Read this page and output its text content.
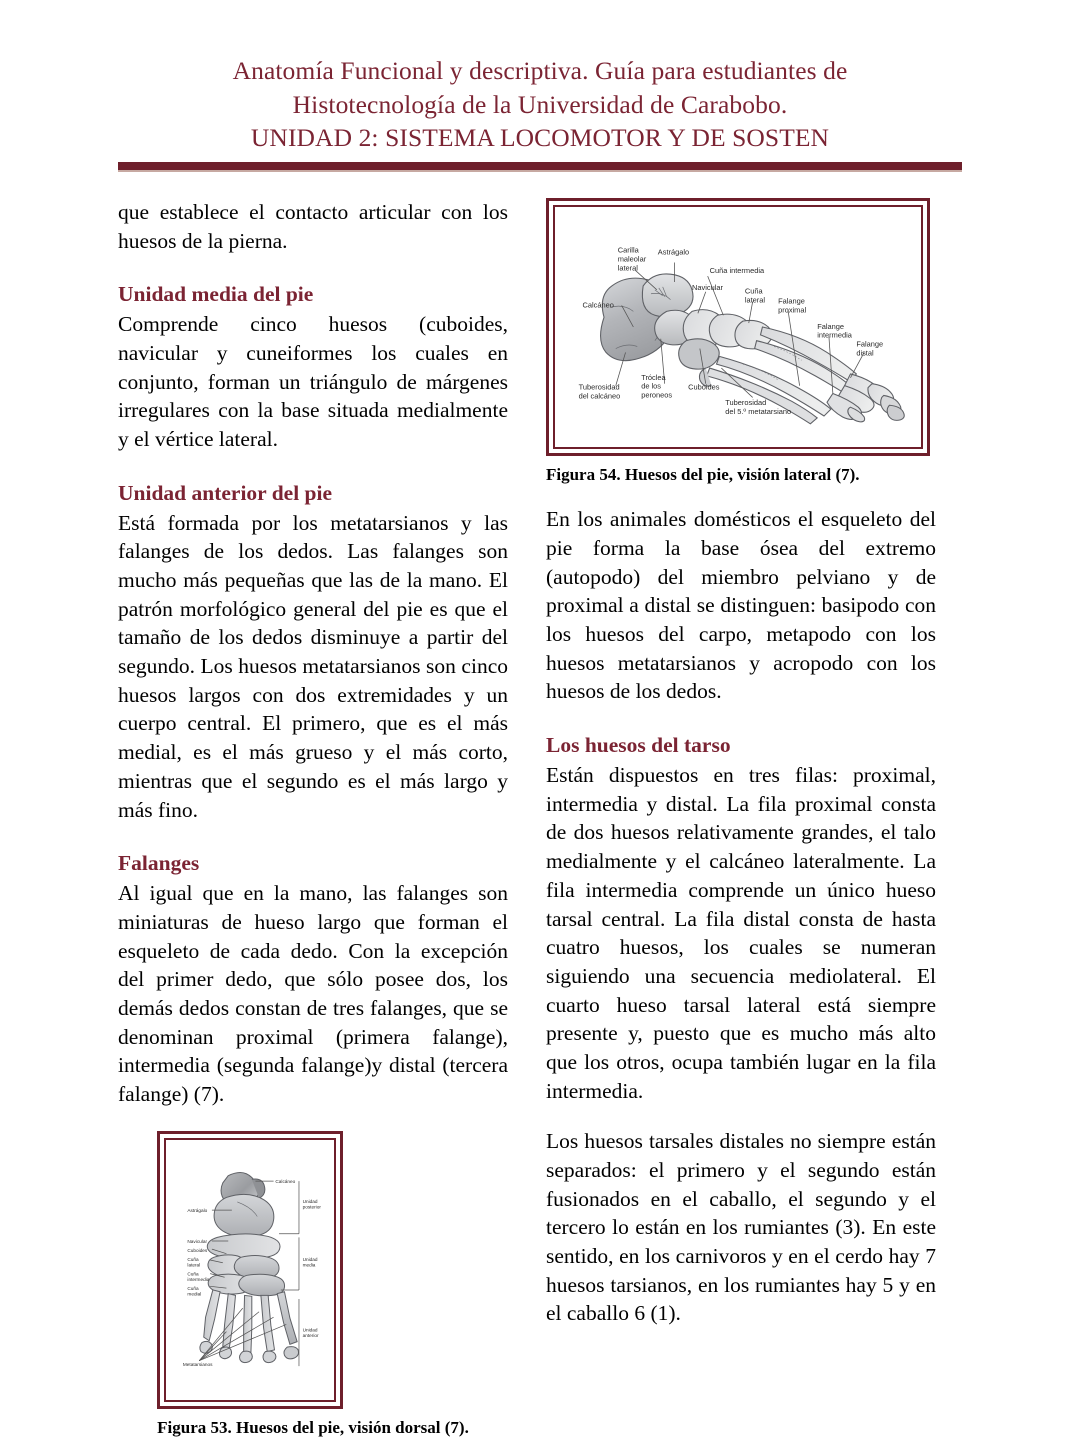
Anatomía Funcional y descriptiva. Guía para estudiantes de
Histotecnología de la Universidad de Carabobo.
UNIDAD 2: SISTEMA LOCOMOTOR Y DE SOSTEN

que establece el contacto articular con los huesos de la pierna.

Unidad media del pie

Comprende cinco huesos (cuboides, navicular y cuneiformes los cuales en conjunto, forman un triángulo de márgenes irregulares con la base situada medialmente y el vértice lateral.

Unidad anterior del pie

Está formada por los metatarsianos y las falanges de los dedos. Las falanges son mucho más pequeñas que las de la mano. El patrón morfológico general del pie es que el tamaño de los dedos disminuye a partir del segundo. Los huesos metatarsianos son cinco huesos largos con dos extremidades y un cuerpo central. El primero, que es el más medial, es el más grueso y el más corto, mientras que el segundo es el más largo y más fino.

Falanges

Al igual que en la mano, las falanges son miniaturas de hueso largo que forman el esqueleto de cada dedo. Con la excepción del primer dedo, que sólo posee dos, los demás dedos constan de tres falanges, que se denominan proximal (primera falange), intermedia (segunda falange)y distal (tercera falange) (7).

Calcáneo
Astrágalo
Navicular
Cuboides
Cuña
lateral
Cuña
intermedia
Cuña
medial
Metatarsianos
Unidad
posterior
Unidad
media
Unidad
anterior
Figura 53. Huesos del pie, visión dorsal (7).
Carilla
maleolar
lateral
Astrágalo
Cuña intermedia
Navicular	Cuña
lateral Falange
proximal
Falange
intermedia
Falange
distal
Calcáneo
Tuberosidad
del calcáneo
Tróclea
de los
peroneos
Cuboides
Tuberosidad
del 5.º metatarsiano
Figura 54. Huesos del pie, visión lateral (7).

En los animales domésticos el esqueleto del pie forma la base ósea del extremo (autopodo) del miembro pelviano y de proximal a distal se distinguen: basipodo con los huesos del carpo, metapodo con los huesos metatarsianos y acropodo con los huesos de los dedos.

Los huesos del tarso

Están dispuestos en tres filas: proximal, intermedia y distal. La fila proximal consta de dos huesos relativamente grandes, el talo medialmente y el calcáneo lateralmente. La fila intermedia comprende un único hueso tarsal central. La fila distal consta de hasta cuatro huesos, los cuales se numeran siguiendo una secuencia mediolateral. El cuarto hueso tarsal lateral está siempre presente y, puesto que es mucho más alto que los otros, ocupa también lugar en la fila intermedia.

Los huesos tarsales distales no siempre están separados: el primero y el segundo están fusionados en el caballo, el segundo y el tercero lo están en los rumiantes (3). En este sentido, en los carnivoros y en el cerdo hay 7 huesos tarsianos, en los rumiantes hay 5 y en el caballo 6 (1).
